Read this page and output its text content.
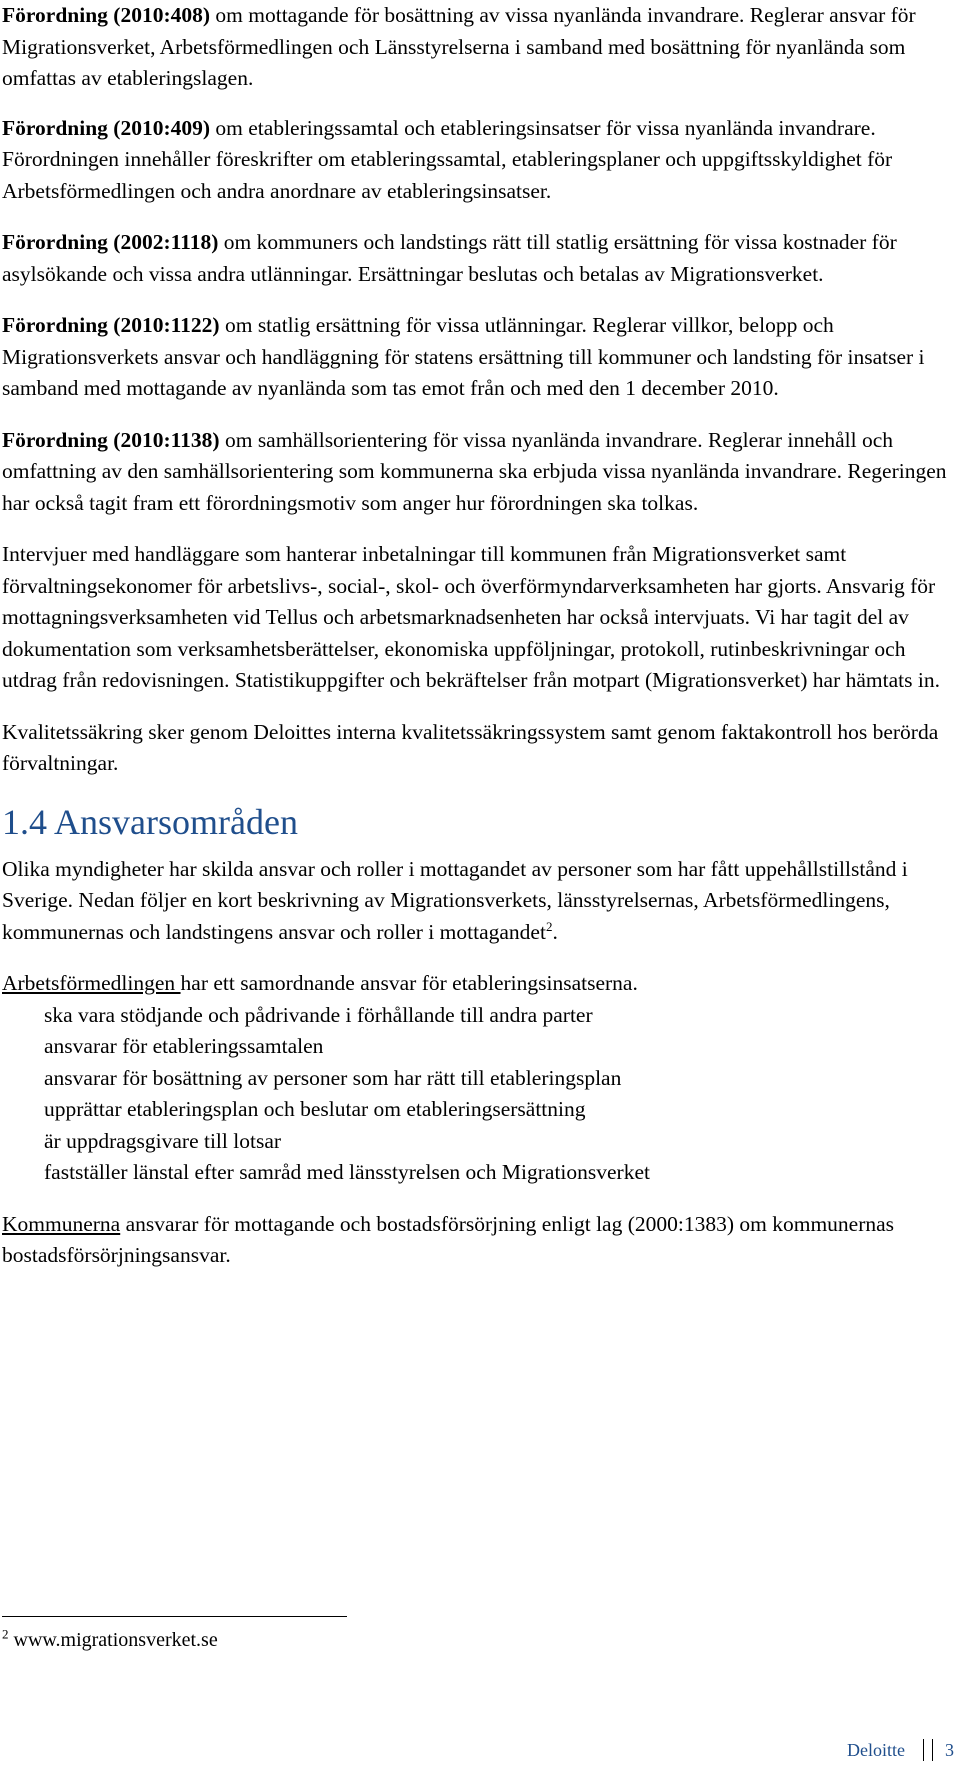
Förordning (2010:408) om mottagande för bosättning av vissa nyanlända invandrare. Reglerar ansvar för Migrationsverket, Arbetsförmedlingen och Länsstyrelserna i samband med bosättning för nyanlända som omfattas av etableringslagen.

Förordning (2010:409) om etableringssamtal och etableringsinsatser för vissa nyanlända invandrare. Förordningen innehåller föreskrifter om etableringssamtal, etableringsplaner och uppgiftsskyldighet för Arbetsförmedlingen och andra anordnare av etableringsinsatser.

Förordning (2002:1118) om kommuners och landstings rätt till statlig ersättning för vissa kostnader för asylsökande och vissa andra utlänningar. Ersättningar beslutas och betalas av Migrationsverket.

Förordning (2010:1122) om statlig ersättning för vissa utlänningar. Reglerar villkor, belopp och Migrationsverkets ansvar och handläggning för statens ersättning till kommuner och landsting för insatser i samband med mottagande av nyanlända som tas emot från och med den 1 december 2010.

Förordning (2010:1138) om samhällsorientering för vissa nyanlända invandrare. Reglerar innehåll och omfattning av den samhällsorientering som kommunerna ska erbjuda vissa nyanlända invandrare. Regeringen har också tagit fram ett förordningsmotiv som anger hur förordningen ska tolkas.

Intervjuer med handläggare som hanterar inbetalningar till kommunen från Migrationsverket samt förvaltningsekonomer för arbetslivs-, social-, skol- och överförmyndarverksamheten har gjorts. Ansvarig för mottagningsverksamheten vid Tellus och arbetsmarknadsenheten har också intervjuats. Vi har tagit del av dokumentation som verksamhetsberättelser, ekonomiska uppföljningar, protokoll, rutinbeskrivningar och utdrag från redovisningen. Statistikuppgifter och bekräftelser från motpart (Migrationsverket) har hämtats in.

Kvalitetssäkring sker genom Deloittes interna kvalitetssäkringssystem samt genom faktakontroll hos berörda förvaltningar.

1.4 Ansvarsområden

Olika myndigheter har skilda ansvar och roller i mottagandet av personer som har fått uppehållstillstånd i Sverige. Nedan följer en kort beskrivning av Migrationsverkets, länsstyrelsernas, Arbetsförmedlingens, kommunernas och landstingens ansvar och roller i mottagandet$^2$.

Arbetsförmedlingen har ett samordnande ansvar för etableringsinsatserna.

ska vara stödjande och pådrivande i förhållande till andra parter
ansvarar för etableringssamtalen
ansvarar för bosättning av personer som har rätt till etableringsplan
upprättar etableringsplan och beslutar om etableringsersättning
är uppdragsgivare till lotsar
fastställer länstal efter samråd med länsstyrelsen och Migrationsverket

Kommunerna ansvarar för mottagande och bostadsförsörjning enligt lag (2000:1383) om kommunernas bostadsförsörjningsansvar.

$^2$ www.migrationsverket.se

Deloitte 3
